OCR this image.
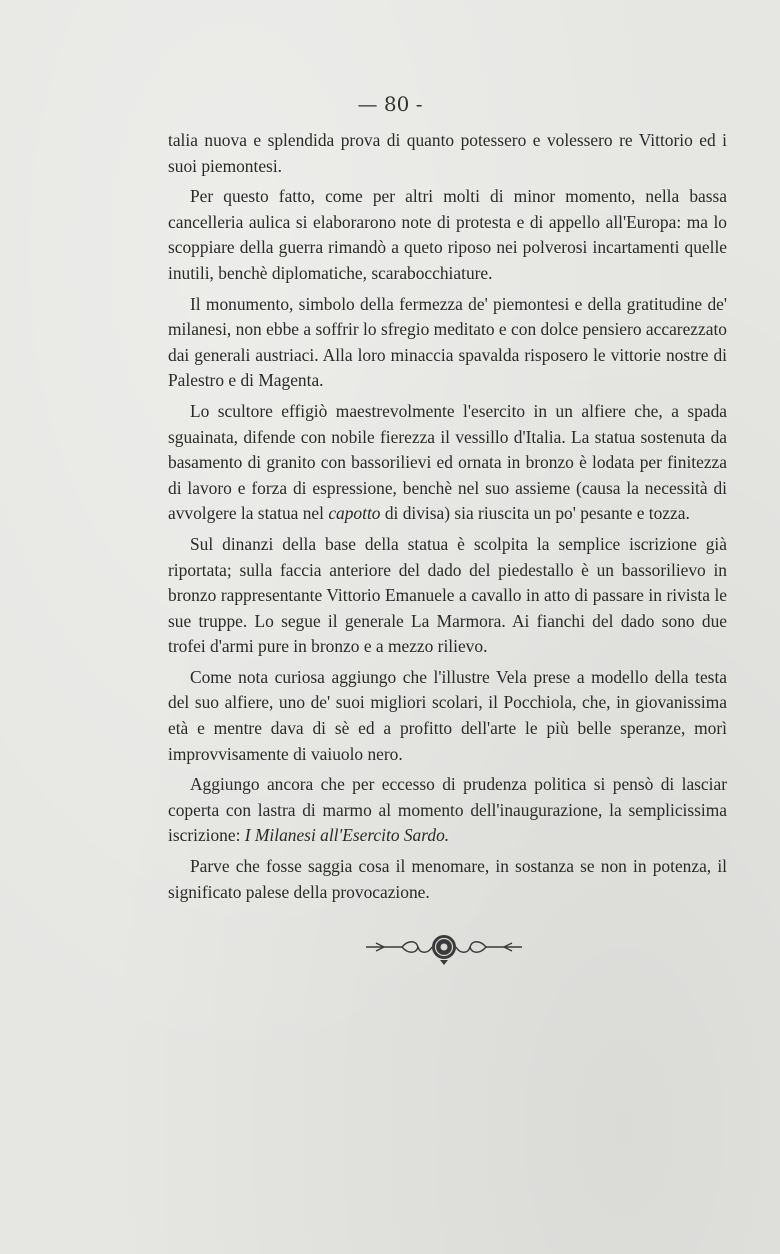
— 80 -

talia nuova e splendida prova di quanto potessero e volessero re Vittorio ed i suoi piemontesi.

Per questo fatto, come per altri molti di minor momento, nella bassa cancelleria aulica si elaborarono note di protesta e di appello all'Europa: ma lo scoppiare della guerra rimandò a queto riposo nei polverosi incartamenti quelle inutili, benchè diplomatiche, scarabocchiature.

Il monumento, simbolo della fermezza de' piemontesi e della gratitudine de' milanesi, non ebbe a soffrir lo sfregio meditato e con dolce pensiero accarezzato dai generali austriaci. Alla loro minaccia spavalda risposero le vittorie nostre di Palestro e di Magenta.

Lo scultore effigiò maestrevolmente l'esercito in un alfiere che, a spada sguainata, difende con nobile fierezza il vessillo d'Italia. La statua sostenuta da basamento di granito con bassorilievi ed ornata in bronzo è lodata per finitezza di lavoro e forza di espressione, benchè nel suo assieme (causa la necessità di avvolgere la statua nel capotto di divisa) sia riuscita un po' pesante e tozza.

Sul dinanzi della base della statua è scolpita la semplice iscrizione già riportata; sulla faccia anteriore del dado del piedestallo è un bassorilievo in bronzo rappresentante Vittorio Emanuele a cavallo in atto di passare in rivista le sue truppe. Lo segue il generale La Marmora. Ai fianchi del dado sono due trofei d'armi pure in bronzo e a mezzo rilievo.

Come nota curiosa aggiungo che l'illustre Vela prese a modello della testa del suo alfiere, uno de' suoi migliori scolari, il Pocchiola, che, in giovanissima età e mentre dava di sè ed a profitto dell'arte le più belle speranze, morì improvvisamente di vaiuolo nero.

Aggiungo ancora che per eccesso di prudenza politica si pensò di lasciar coperta con lastra di marmo al momento dell'inaugurazione, la semplicissima iscrizione: I Milanesi all'Esercito Sardo.

Parve che fosse saggia cosa il menomare, in sostanza se non in potenza, il significato palese della provocazione.
